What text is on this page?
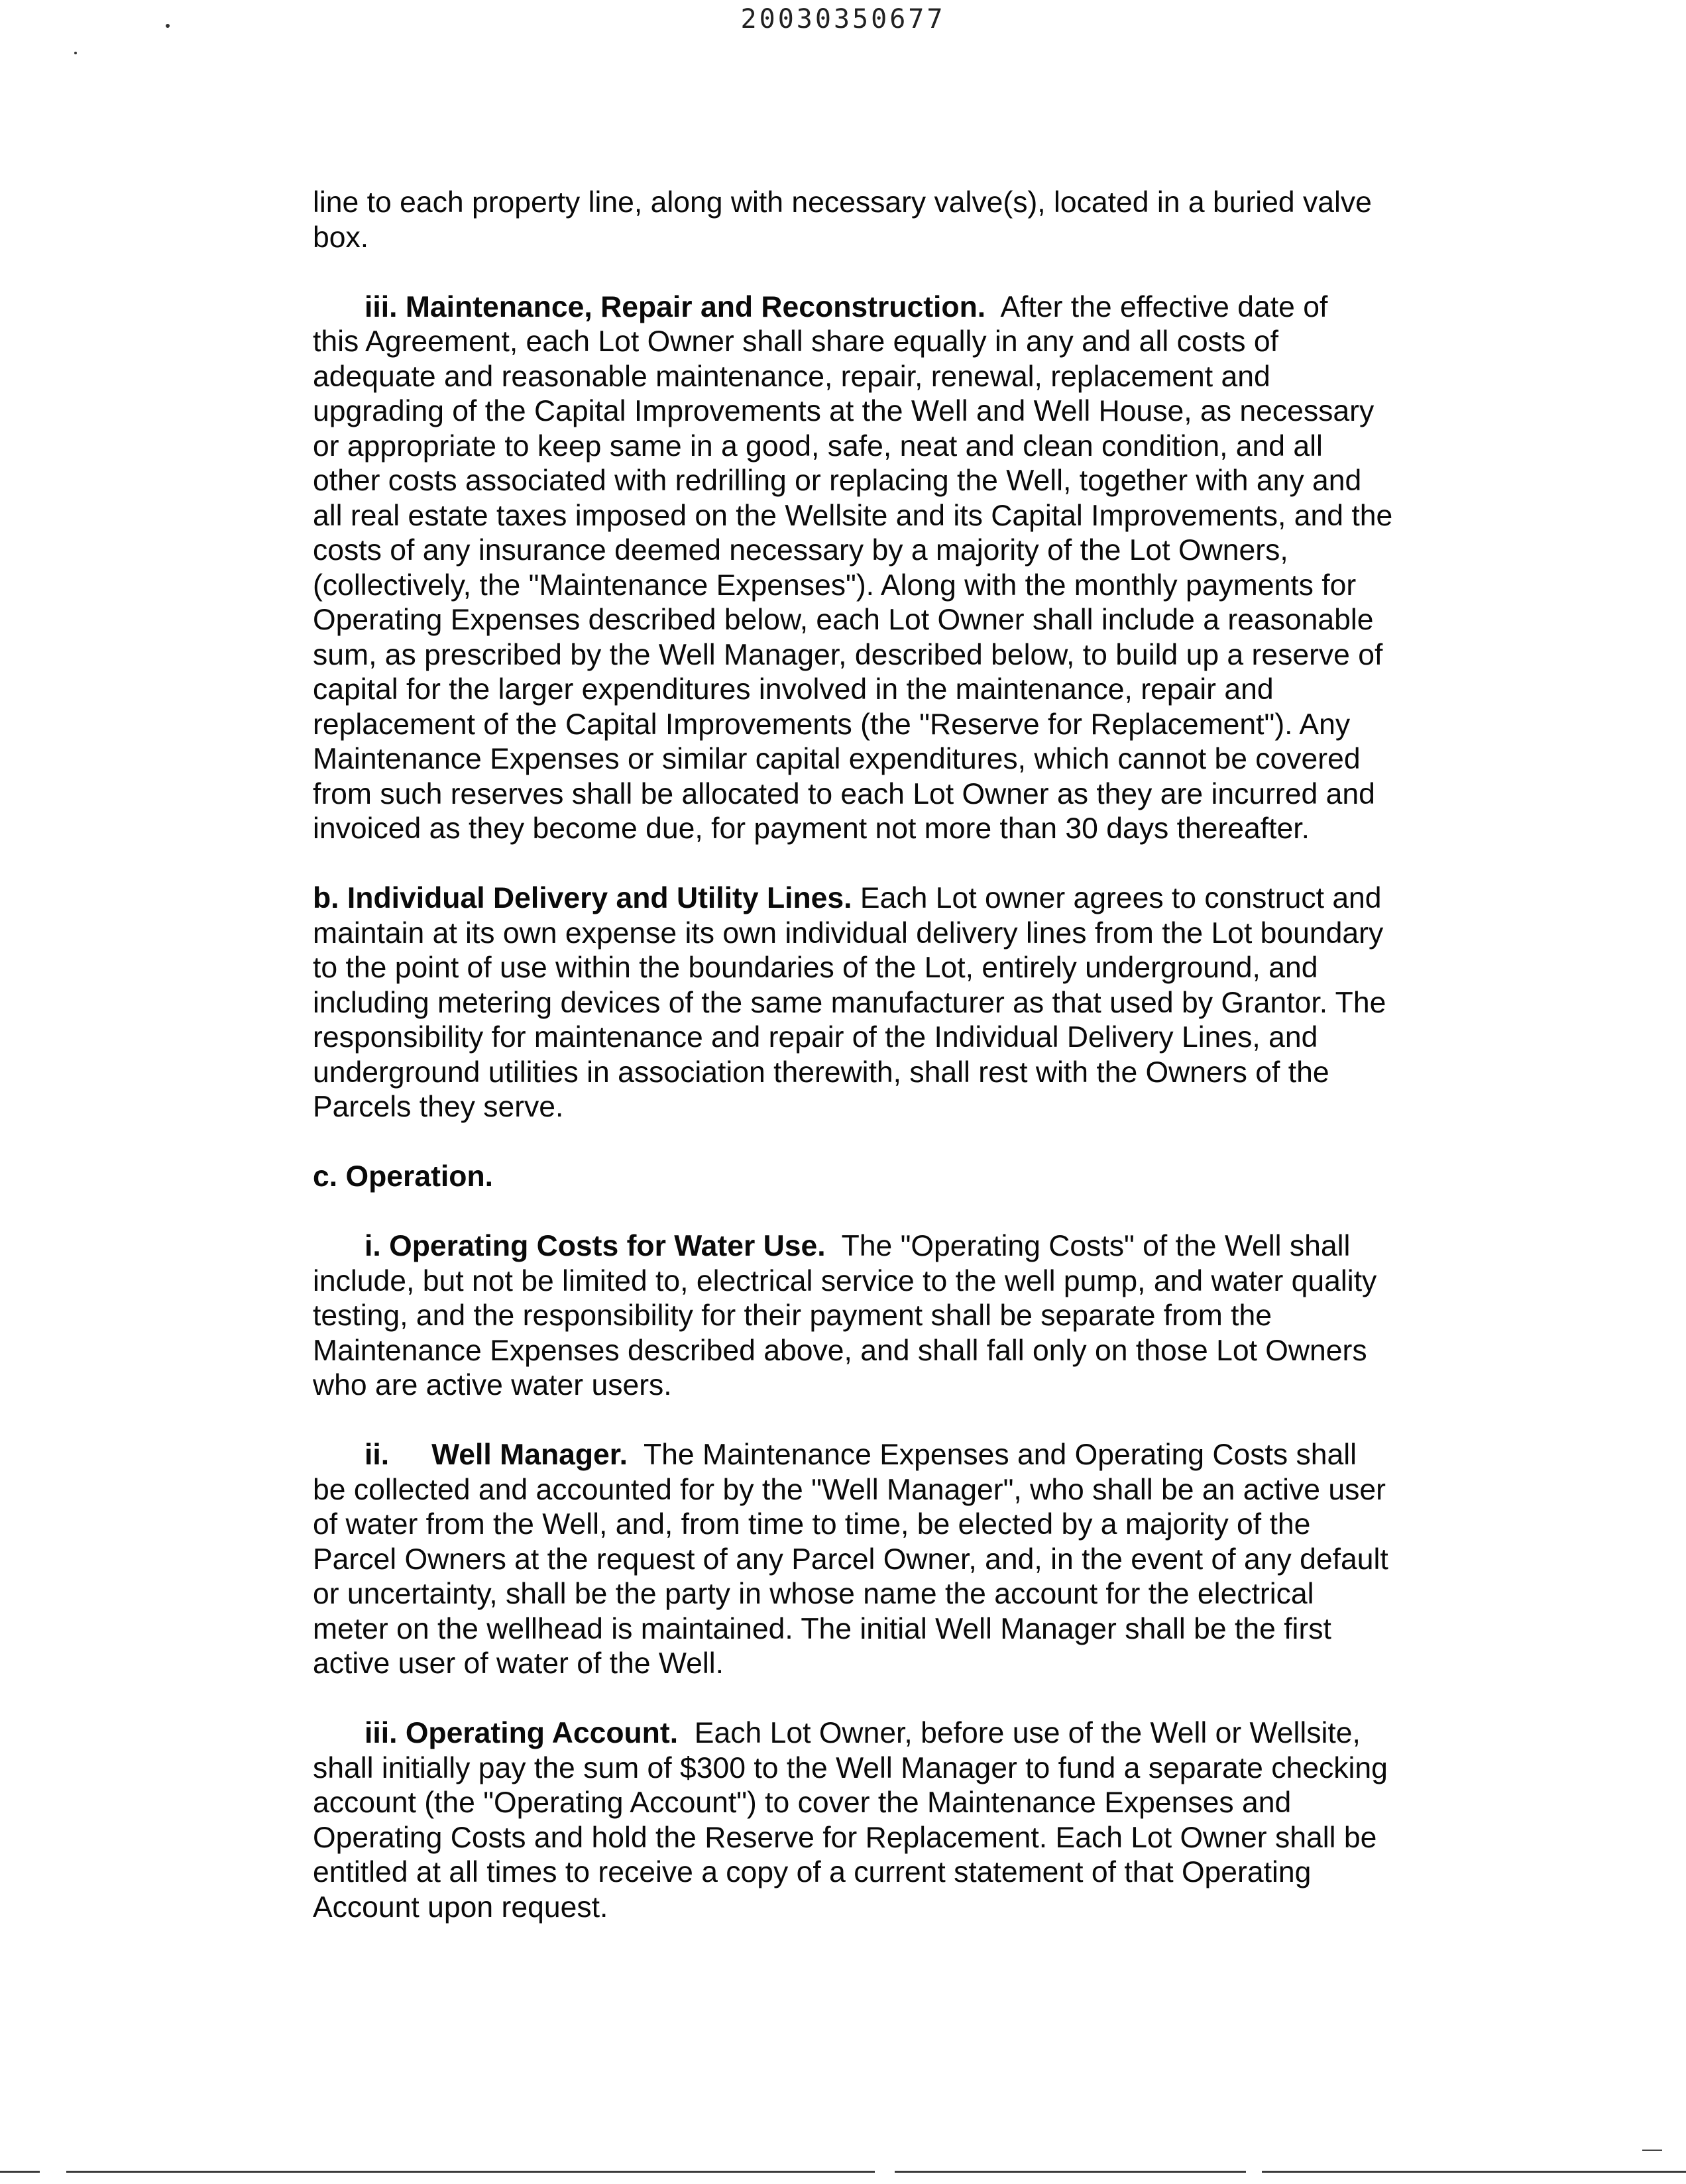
20030350677
line to each property line, along with necessary valve(s), located in a buried valve
box.
iii. Maintenance, Repair and Reconstruction. After the effective date of
this Agreement, each Lot Owner shall share equally in any and all costs of
adequate and reasonable maintenance, repair, renewal, replacement and
upgrading of the Capital Improvements at the Well and Well House, as necessary
or appropriate to keep same in a good, safe, neat and clean condition, and all
other costs associated with redrilling or replacing the Well, together with any and
all real estate taxes imposed on the Wellsite and its Capital Improvements, and the
costs of any insurance deemed necessary by a majority of the Lot Owners,
(collectively, the "Maintenance Expenses"). Along with the monthly payments for
Operating Expenses described below, each Lot Owner shall include a reasonable
sum, as prescribed by the Well Manager, described below, to build up a reserve of
capital for the larger expenditures involved in the maintenance, repair and
replacement of the Capital Improvements (the "Reserve for Replacement"). Any
Maintenance Expenses or similar capital expenditures, which cannot be covered
from such reserves shall be allocated to each Lot Owner as they are incurred and
invoiced as they become due, for payment not more than 30 days thereafter.
b. Individual Delivery and Utility Lines. Each Lot owner agrees to construct and
maintain at its own expense its own individual delivery lines from the Lot boundary
to the point of use within the boundaries of the Lot, entirely underground, and
including metering devices of the same manufacturer as that used by Grantor. The
responsibility for maintenance and repair of the Individual Delivery Lines, and
underground utilities in association therewith, shall rest with the Owners of the
Parcels they serve.
c. Operation.
i. Operating Costs for Water Use. The "Operating Costs" of the Well shall
include, but not be limited to, electrical service to the well pump, and water quality
testing, and the responsibility for their payment shall be separate from the
Maintenance Expenses described above, and shall fall only on those Lot Owners
who are active water users.
ii. Well Manager. The Maintenance Expenses and Operating Costs shall
be collected and accounted for by the "Well Manager", who shall be an active user
of water from the Well, and, from time to time, be elected by a majority of the
Parcel Owners at the request of any Parcel Owner, and, in the event of any default
or uncertainty, shall be the party in whose name the account for the electrical
meter on the wellhead is maintained. The initial Well Manager shall be the first
active user of water of the Well.
iii. Operating Account. Each Lot Owner, before use of the Well or Wellsite,
shall initially pay the sum of $300 to the Well Manager to fund a separate checking
account (the "Operating Account") to cover the Maintenance Expenses and
Operating Costs and hold the Reserve for Replacement. Each Lot Owner shall be
entitled at all times to receive a copy of a current statement of that Operating
Account upon request.
